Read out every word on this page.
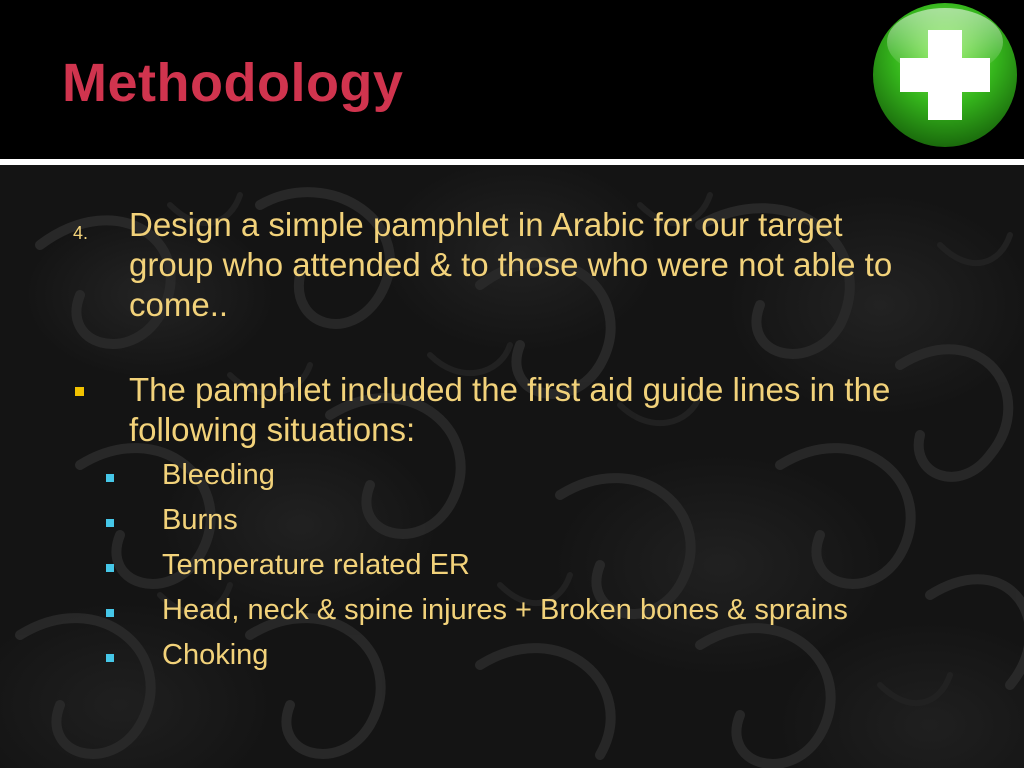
Methodology
4. Design a simple pamphlet in Arabic for our target group who attended & to those who were not able to come..
The pamphlet included the first aid guide lines in the following situations:
Bleeding
Burns
Temperature related ER
Head, neck & spine injures + Broken bones & sprains
Choking
